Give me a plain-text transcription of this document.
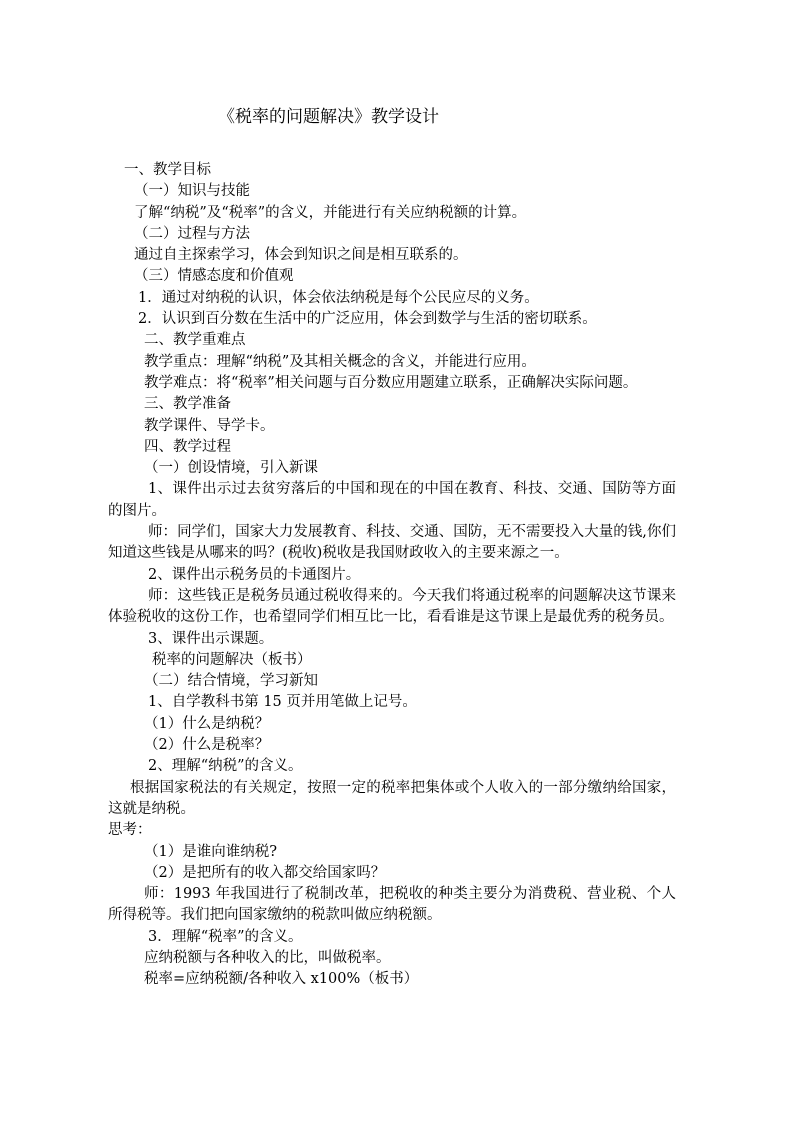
《税率的问题解决》教学设计

一、教学目标

（一）知识与技能

了解“纳税”及“税率”的含义，并能进行有关应纳税额的计算。

（二）过程与方法

通过自主探索学习，体会到知识之间是相互联系的。

（三）情感态度和价值观

1．通过对纳税的认识，体会依法纳税是每个公民应尽的义务。

2．认识到百分数在生活中的广泛应用，体会到数学与生活的密切联系。

二、教学重难点

教学重点：理解“纳税”及其相关概念的含义，并能进行应用。

教学难点：将“税率”相关问题与百分数应用题建立联系，正确解决实际问题。

三、教学准备

教学课件、导学卡。

四、教学过程

（一）创设情境，引入新课

1、课件出示过去贫穷落后的中国和现在的中国在教育、科技、交通、国防等方面的图片。

师：同学们，国家大力发展教育、科技、交通、国防，无不需要投入大量的钱,你们知道这些钱是从哪来的吗？(税收)税收是我国财政收入的主要来源之一。

2、课件出示税务员的卡通图片。

师：这些钱正是税务员通过税收得来的。今天我们将通过税率的问题解决这节课来体验税收的这份工作，也希望同学们相互比一比，看看谁是这节课上是最优秀的税务员。

3、课件出示课题。

税率的问题解决（板书）

（二）结合情境，学习新知

1、自学教科书第 15 页并用笔做上记号。

（1）什么是纳税？

（2）什么是税率？

2、理解“纳税”的含义。

根据国家税法的有关规定，按照一定的税率把集体或个人收入的一部分缴纳给国家，这就是纳税。

思考：

（1）是谁向谁纳税?

（2）是把所有的收入都交给国家吗？

师：1993 年我国进行了税制改革，把税收的种类主要分为消费税、营业税、个人所得税等。我们把向国家缴纳的税款叫做应纳税额。

3．理解“税率”的含义。

应纳税额与各种收入的比，叫做税率。

税率=应纳税额/各种收入 x100%（板书）
